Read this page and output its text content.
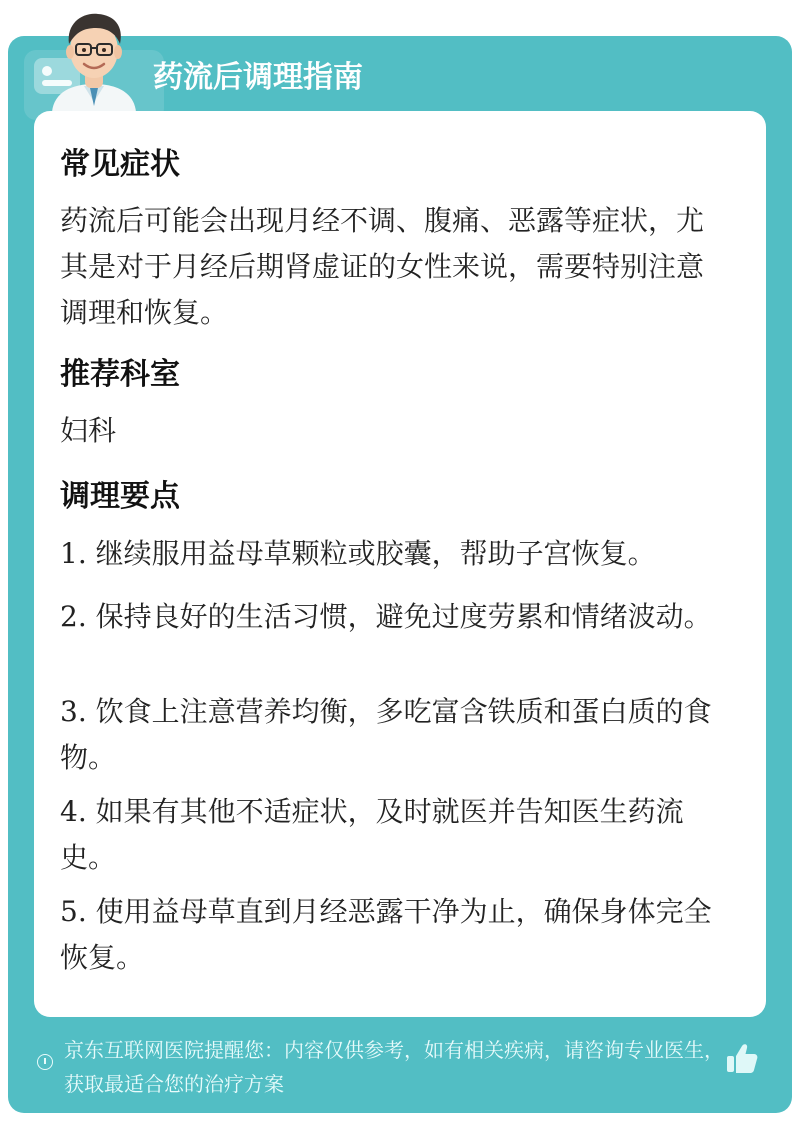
药流后调理指南
常见症状
药流后可能会出现月经不调、腹痛、恶露等症状，尤其是对于月经后期肾虚证的女性来说，需要特别注意调理和恢复。
推荐科室
妇科
调理要点
1. 继续服用益母草颗粒或胶囊，帮助子宫恢复。
2. 保持良好的生活习惯，避免过度劳累和情绪波动。
3. 饮食上注意营养均衡，多吃富含铁质和蛋白质的食物。
4. 如果有其他不适症状，及时就医并告知医生药流史。
5. 使用益母草直到月经恶露干净为止，确保身体完全恢复。
京东互联网医院提醒您：内容仅供参考，如有相关疾病，请咨询专业医生，获取最适合您的治疗方案
